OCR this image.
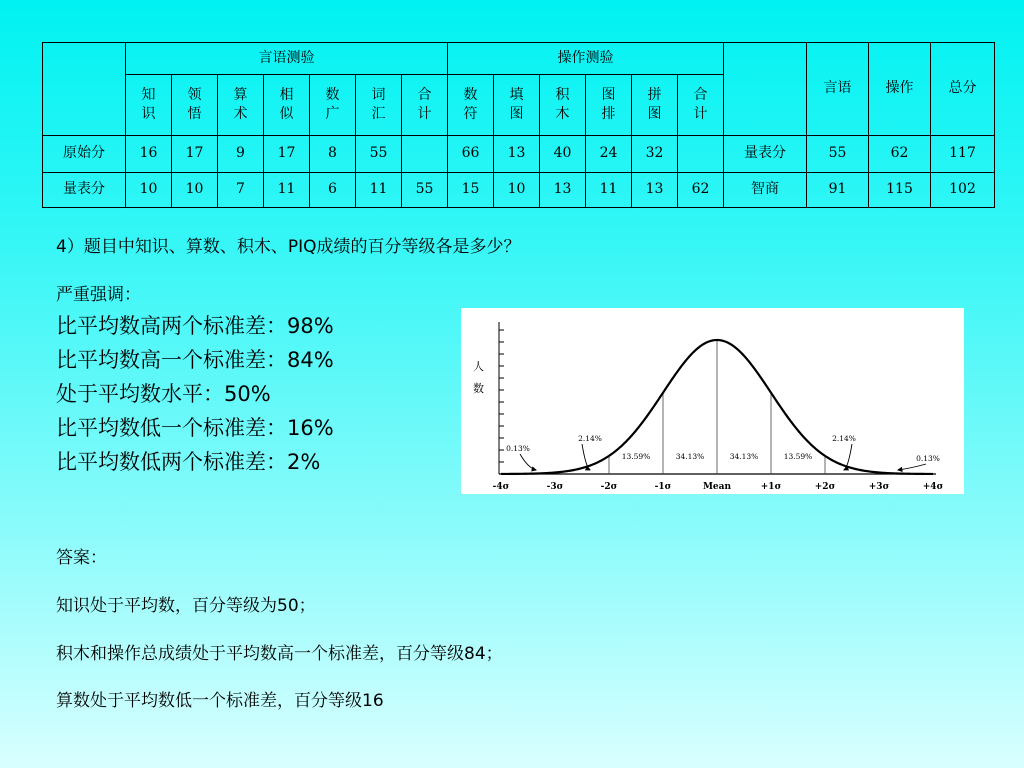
	言语测验							操作测验							言语	操作	总分
	知识	领悟	算术	相似	数广	词汇	合计	数符	填图	积木	图排	拼图	合计				
原始分	16	17	9	17	8	55		66	13	40	24	32		量表分	55	62	117
量表分	10	10	7	11	6	11	55	15	10	13	11	13	62	智商	91	115	102
4）题目中知识、算数、积木、PIQ成绩的百分等级各是多少？
严重强调：
比平均数高两个标准差：98%
比平均数高一个标准差：84%
处于平均数水平：50%
比平均数低一个标准差：16%
比平均数低两个标准差：2%
-4σ	-3σ	-2σ	-1σ	Mean	+1σ	+2σ	+3σ	+4σ
0.13%
2.14%
13.59%	34.13%	34.13%	13.59%
2.14%
0.13%
人数
答案：
知识处于平均数，百分等级为50；
积木和操作总成绩处于平均数高一个标准差，百分等级84；
算数处于平均数低一个标准差，百分等级16
